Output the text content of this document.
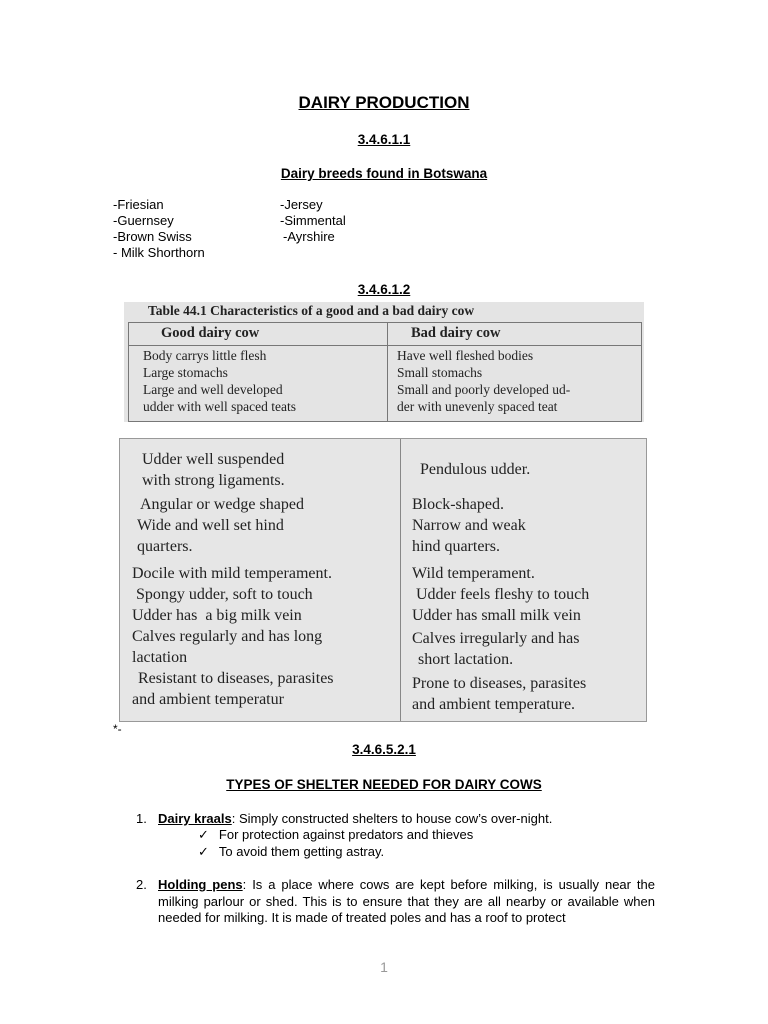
DAIRY PRODUCTION
3.4.6.1.1
Dairy breeds found in Botswana
-Friesian
-Guernsey
-Brown Swiss
- Milk Shorthorn
-Jersey
-Simmental
-Ayrshire
3.4.6.1.2
Table 44.1 Characteristics of a good and a bad dairy cow
Good dairy cow	Bad dairy cow
Body carrys little flesh
Large stomachs
Large and well developed
udder with well spaced teats
Have well fleshed bodies
Small stomachs
Small and poorly developed ud-
der with unevenly spaced teat
Udder well suspended
with strong ligaments.
Angular or wedge shaped
Wide and well set hind
quarters.
Docile with mild temperament.
Spongy udder, soft to touch
Udder has  a big milk vein
Calves regularly and has long
lactation
Resistant to diseases, parasites
and ambient temperatur
Pendulous udder.
Block-shaped.
Narrow and weak
hind quarters.
Wild temperament.
Udder feels fleshy to touch
Udder has small milk vein
Calves irregularly and has
short lactation.
Prone to diseases, parasites
and ambient temperature.
*-
3.4.6.5.2.1
TYPES OF SHELTER NEEDED FOR DAIRY COWS
1. Dairy kraals: Simply constructed shelters to house cow’s over-night.
✓ For protection against predators and thieves
✓ To avoid them getting astray.
2. Holding pens: Is a place where cows are kept before milking, is usually near the milking parlour or shed. This is to ensure that they are all nearby or available when needed for milking. It is made of treated poles and has a roof to protect
1
